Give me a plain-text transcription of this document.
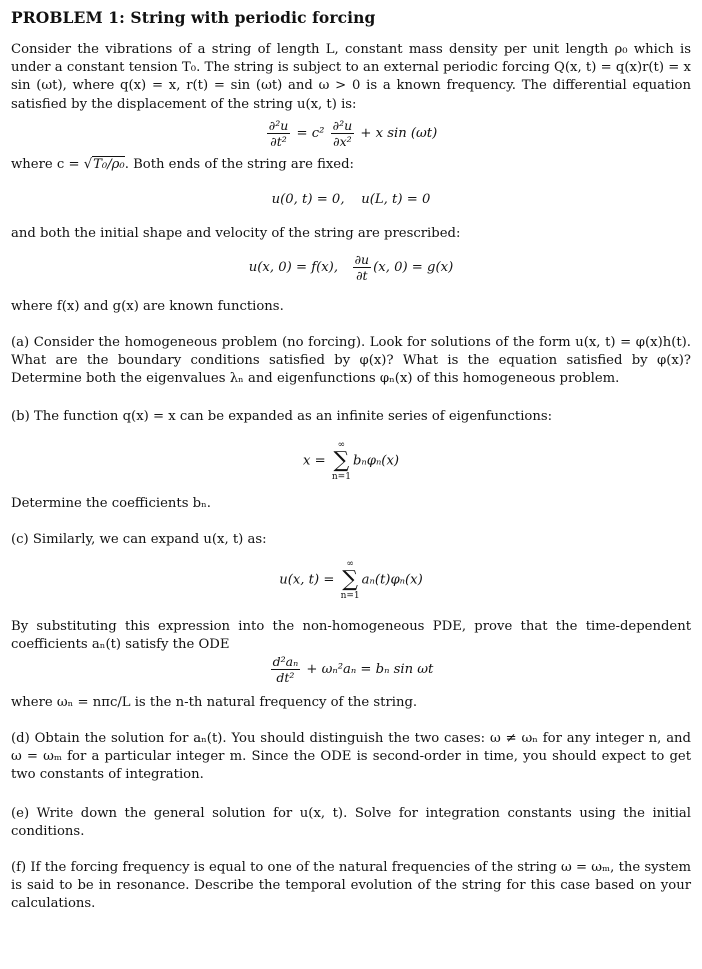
PROBLEM 1: String with periodic forcing

Consider the vibrations of a string of length L, constant mass density per unit length ρ₀ which is under a constant tension T₀. The string is subject to an external periodic forcing Q(x, t) = q(x)r(t) = x sin (ωt), where q(x) = x, r(t) = sin (ωt) and ω > 0 is a known frequency. The differential equation satisfied by the displacement of the string u(x, t) is:

$\frac{\text{∂²u}}{\text{∂t²}} = c^2 \frac{\text{∂²u}}{\text{∂x²}} + x$ sin (ωt)

where c = √T₀/ρ₀. Both ends of the string are fixed:

u(0, t) = 0,    u(L, t) = 0

and both the initial shape and velocity of the string are prescribed:

u(x, 0) = f(x), $\frac{\partial u}{\partial t} (x$, 0) = g(x)

where f(x) and g(x) are known functions.

(a) Consider the homogeneous problem (no forcing). Look for solutions of the form u(x, t) = φ(x)h(t). What are the boundary conditions satisfied by φ(x)? What is the equation satisfied by φ(x)? Determine both the eigenvalues λₙ and eigenfunctions φₙ(x) of this homogeneous problem.

(b) The function q(x) = x can be expanded as an infinite series of eigenfunctions:

x =
∞
∑
n=1
bₙφₙ(x)

Determine the coefficients bₙ.

(c) Similarly, we can expand u(x, t) as:

u(x, t) =
∞
∑
n=1
aₙ(t)φₙ(x)

By substituting this expression into the non-homogeneous PDE, prove that the time-dependent coefficients aₙ(t) satisfy the ODE

$\frac{\text{d²aₙ}}{\text{dt²}} + \omega_n^2a_n = b_n$ sin ωt

where ωₙ = nπc/L is the n-th natural frequency of the string.

(d) Obtain the solution for aₙ(t). You should distinguish the two cases: ω ≠ ωₙ for any integer n, and ω = ωₘ for a particular integer m. Since the ODE is second-order in time, you should expect to get two constants of integration.

(e) Write down the general solution for u(x, t). Solve for integration constants using the initial conditions.

(f) If the forcing frequency is equal to one of the natural frequencies of the string ω = ωₘ, the system is said to be in resonance. Describe the temporal evolution of the string for this case based on your calculations.
